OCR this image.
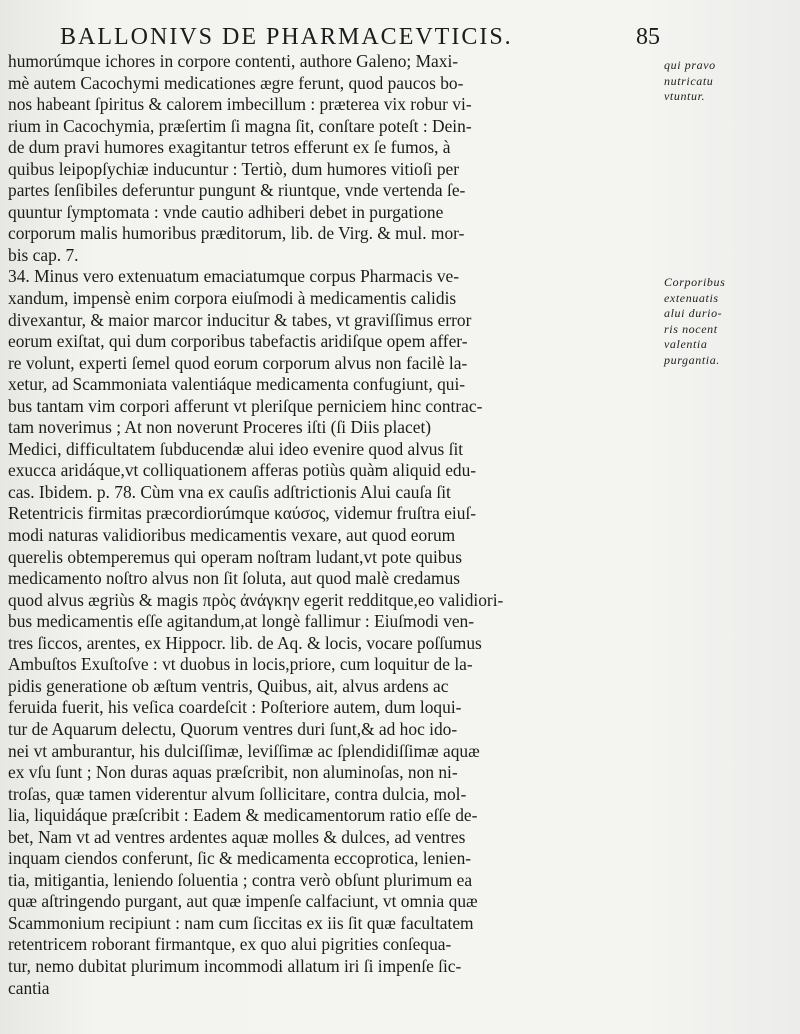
BALLONIVS DE PHARMACEVTICIS.	85
humorúmque ichores in corpore contenti, authore Galeno; Maxi-
mè autem Cacochymi medicationes ægre ferunt, quod paucos bo-
nos habeant ſpiritus & calorem imbecillum : præterea vix robur vi-
rium in Cacochymia, præſertim ſi magna ſit, conſtare poteſt : Dein-
de dum pravi humores exagitantur tetros efferunt ex ſe fumos, à
quibus leipopſychiæ inducuntur : Tertiò, dum humores vitioſi per
partes ſenſibiles deferuntur pungunt & riuntque, vnde vertenda ſe-
quuntur ſymptomata : vnde cautio adhiberi debet in purgatione
corporum malis humoribus præditorum, lib. de Virg. & mul. mor-
bis cap. 7.
34. Minus vero extenuatum emaciatumque corpus Pharmacis ve-
xandum, impensè enim corpora eiuſmodi à medicamentis calidis
divexantur, & maior marcor inducitur & tabes, vt graviſſimus error
eorum exiſtat, qui dum corporibus tabefactis aridiſque opem affer-
re volunt, experti ſemel quod eorum corporum alvus non facilè la-
xetur, ad Scammoniata valentiáque medicamenta confugiunt, qui-
bus tantam vim corpori afferunt vt pleriſque perniciem hinc contrac-
tam noverimus ; At non noverunt Proceres iſti (ſi Diis placet)
Medici, difficultatem ſubducendæ alui ideo evenire quod alvus ſit
exucca aridáque,vt colliquationem afferas potiùs quàm aliquid edu-
cas. Ibidem. p. 78. Cùm vna ex cauſis adſtrictionis Alui cauſa ſit
Retentricis firmitas præcordiorúmque καύσος, videmur fruſtra eiuſ-
modi naturas validioribus medicamentis vexare, aut quod eorum
querelis obtemperemus qui operam noſtram ludant,vt pote quibus
medicamento noſtro alvus non ſit ſoluta, aut quod malè credamus
quod alvus ægriùs & magis πρὸς ἀνάγκην egerit redditque,eo validiori-
bus medicamentis eſſe agitandum,at longè fallimur : Eiuſmodi ven-
tres ſiccos, arentes, ex Hippocr. lib. de Aq. & locis, vocare poſſumus
Ambuſtos Exuſtoſve : vt duobus in locis,priore, cum loquitur de la-
pidis generatione ob æſtum ventris, Quibus, ait, alvus ardens ac
feruida fuerit, his veſica coardeſcit : Poſteriore autem, dum loqui-
tur de Aquarum delectu, Quorum ventres duri ſunt,& ad hoc ido-
nei vt amburantur, his dulciſſimæ, leviſſimæ ac ſplendidiſſimæ aquæ
ex vſu ſunt ; Non duras aquas præſcribit, non aluminoſas, non ni-
troſas, quæ tamen viderentur alvum ſollicitare, contra dulcia, mol-
lia, liquidáque præſcribit : Eadem & medicamentorum ratio eſſe de-
bet, Nam vt ad ventres ardentes aquæ molles & dulces, ad ventres
inquam ciendos conferunt, ſic & medicamenta eccoprotica, lenien-
tia, mitigantia, leniendo ſoluentia ; contra verò obſunt plurimum ea
quæ aſtringendo purgant, aut quæ impenſe calfaciunt, vt omnia quæ
Scammonium recipiunt : nam cum ſiccitas ex iis ſit quæ facultatem
retentricem roborant firmantque, ex quo alui pigrities conſequa-
tur, nemo dubitat plurimum incommodi allatum iri ſi impenſe ſic-
cantia
qui pravo
nutricatu
vtuntur.
Corporibus
extenuatis
alui durio-
ris nocent
valentia
purgantia.
